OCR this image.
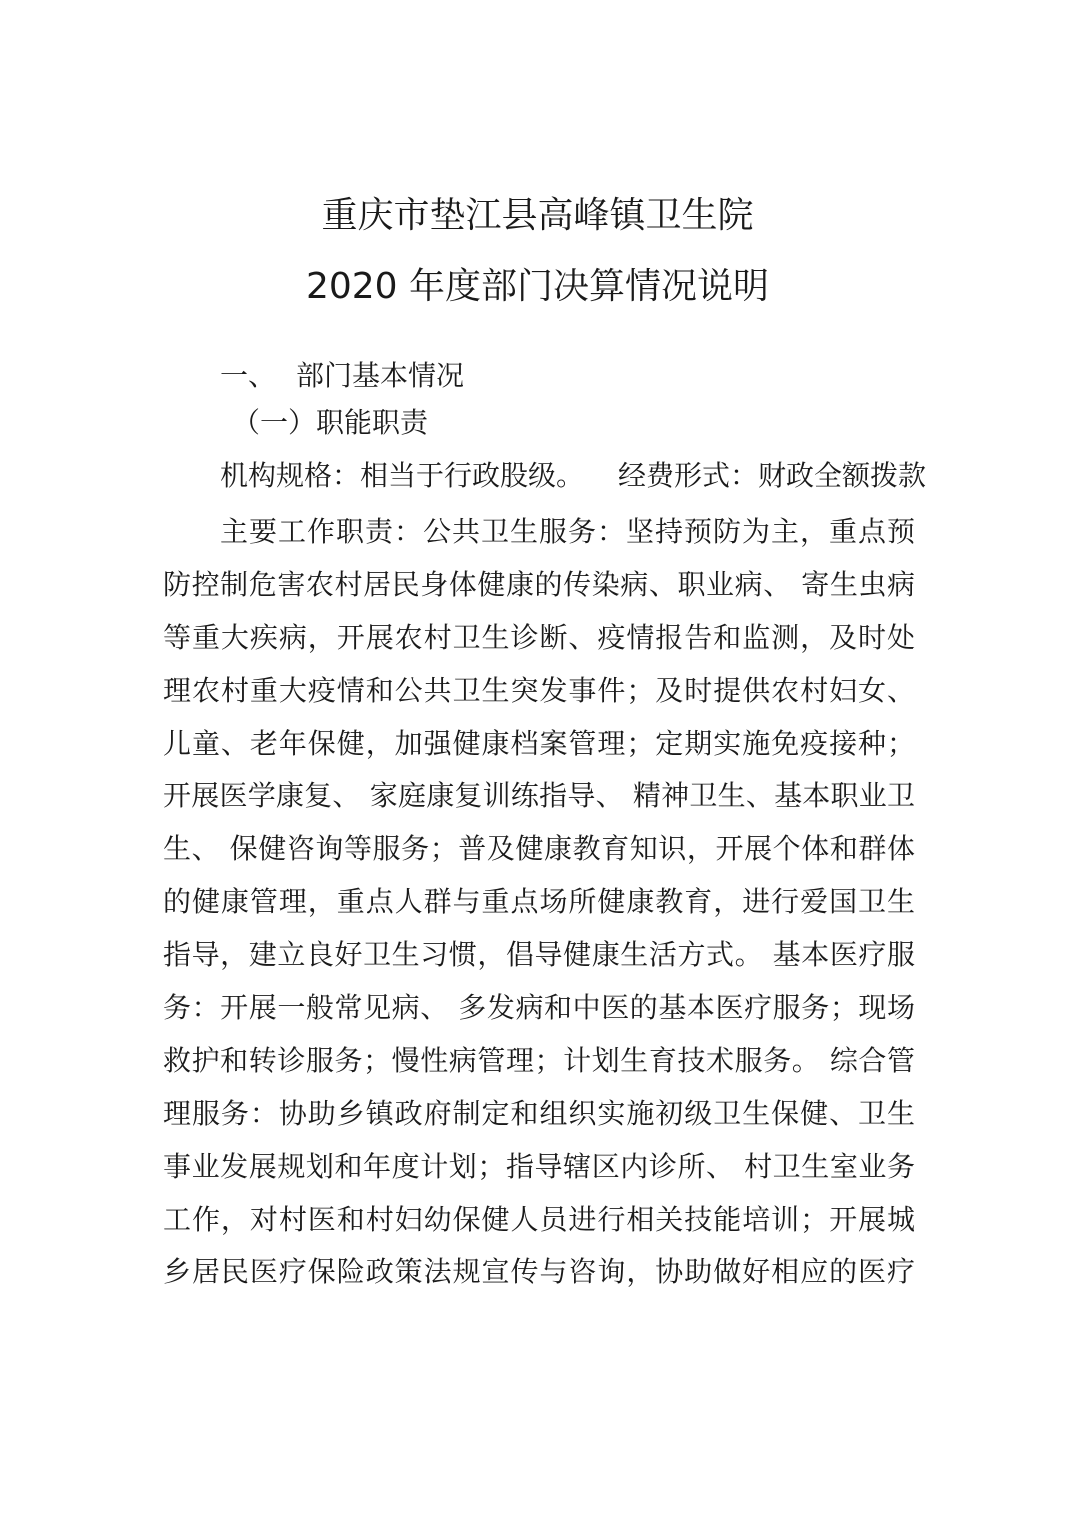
重庆市垫江县高峰镇卫生院
2020 年度部门决算情况说明
一、 部门基本情况
（一）职能职责
机构规格：相当于行政股级。 经费形式：财政全额拨款
主要工作职责：公共卫生服务：坚持预防为主，重点预
防控制危害农村居民身体健康的传染病、职业病、 寄生虫病
等重大疾病，开展农村卫生诊断、疫情报告和监测，及时处
理农村重大疫情和公共卫生突发事件；及时提供农村妇女、
儿童、老年保健，加强健康档案管理；定期实施免疫接种；
开展医学康复、 家庭康复训练指导、 精神卫生、基本职业卫
生、 保健咨询等服务；普及健康教育知识，开展个体和群体
的健康管理，重点人群与重点场所健康教育，进行爱国卫生
指导，建立良好卫生习惯，倡导健康生活方式。 基本医疗服
务：开展一般常见病、 多发病和中医的基本医疗服务；现场
救护和转诊服务；慢性病管理；计划生育技术服务。 综合管
理服务：协助乡镇政府制定和组织实施初级卫生保健、卫生
事业发展规划和年度计划；指导辖区内诊所、 村卫生室业务
工作，对村医和村妇幼保健人员进行相关技能培训；开展城
乡居民医疗保险政策法规宣传与咨询，协助做好相应的医疗
